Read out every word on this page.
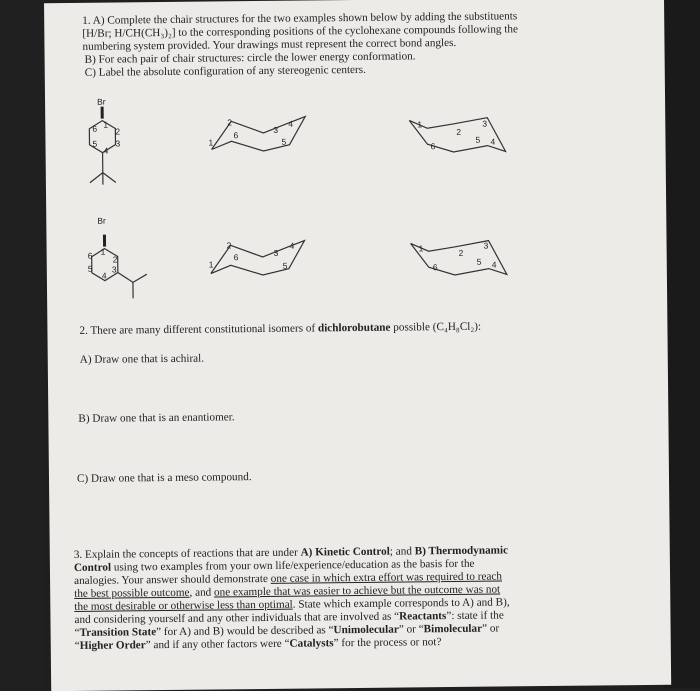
1. A) Complete the chair structures for the two examples shown below by adding the substituents
[H/Br; H/CH(CH₃)₂] to the corresponding positions of the cyclohexane compounds following the
numbering system provided. Your drawings must represent the correct bond angles.
B) For each pair of chair structures: circle the lower energy conformation.
C) Label the absolute configuration of any stereogenic centers.
Br
6 1
2
3
4
5	1
2
6
3
4
5
1
6
2
3
5 4
Br
6 1
2
3
4
5	1
2
6	3
4
5
1
6
2
3
5 4
2. There are many different constitutional isomers of dichlorobutane possible (C₄H₈Cl₂):
A) Draw one that is achiral.
B) Draw one that is an enantiomer.
C) Draw one that is a meso compound.
3. Explain the concepts of reactions that are under A) Kinetic Control; and B) Thermodynamic
Control using two examples from your own life/experience/education as the basis for the
analogies. Your answer should demonstrate one case in which extra effort was required to reach
the best possible outcome, and one example that was easier to achieve but the outcome was not
the most desirable or otherwise less than optimal. State which example corresponds to A) and B),
and considering yourself and any other individuals that are involved as “Reactants”: state if the
“Transition State” for A) and B) would be described as “Unimolecular” or “Bimolecular” or
“Higher Order” and if any other factors were “Catalysts” for the process or not?
